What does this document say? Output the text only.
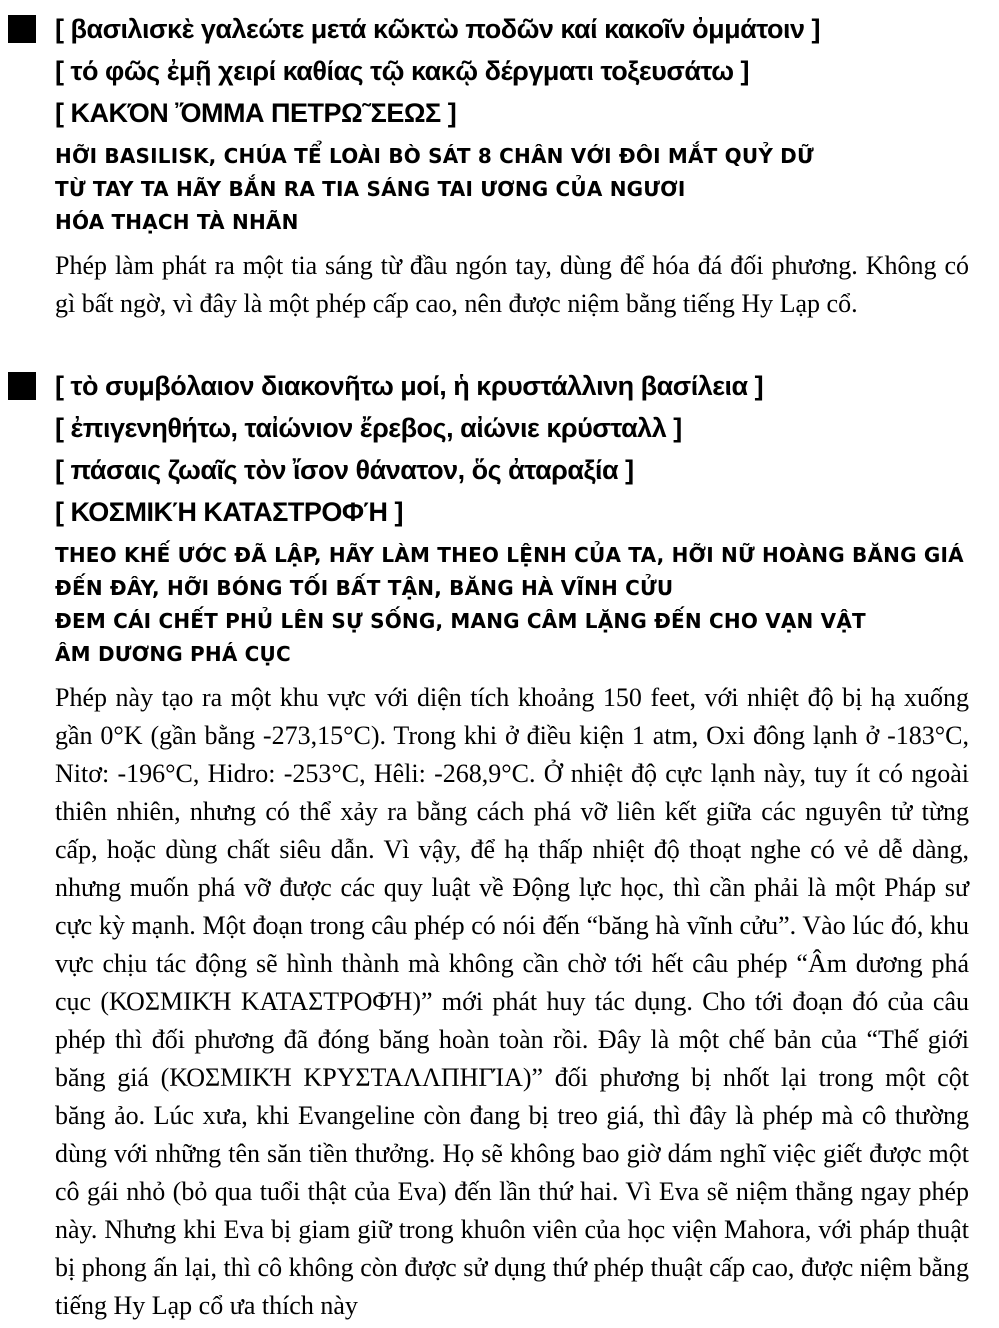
[ βασιλισκὲ γαλεώτε μετά κῶκτὼ ποδῶν καί κακοῖν ὀμμάτοιν ]
[ τό φῶς ἐμῇ χειρί καθίας τῷ κακῷ δέργματι τοξευσάτω ]
[ ΚΑΚΌΝ ὌΜΜΑ ΠΕΤΡΩ῀ΣΕΩΣ ]
HỠI BASILISK, CHÚA TỂ LOÀI BÒ SÁT 8 CHÂN VỚI ĐÔI MẮT QUỶ DỮ
TỪ TAY TA HÃY BẮN RA TIA SÁNG TAI ƯƠNG CỦA NGƯƠI
HÓA THẠCH TÀ NHÃN

Phép làm phát ra một tia sáng từ đầu ngón tay, dùng để hóa đá đối phương. Không có gì bất ngờ, vì đây là một phép cấp cao, nên được niệm bằng tiếng Hy Lạp cổ.

[ τὸ συμβόλαιον διακονῆτω μοί, ἡ κρυστάλλινη βασίλεια ]
[ ἐπιγενηθήτω, ταἰώνιον ἔρεβος, αἰώνιε κρύσταλλ ]
[ πάσαις ζωαῖς τὸν ἴσον θάνατον, ὅς ἀταραξία ]
[ ΚΟΣΜΙΚΉ ΚΑΤΑΣΤΡΟΦΉ ]
THEO KHẾ ƯỚC ĐÃ LẬP, HÃY LÀM THEO LỆNH CỦA TA, HỠI NỮ HOÀNG BĂNG GIÁ
ĐẾN ĐÂY, HỠI BÓNG TỐI BẤT TẬN, BĂNG HÀ VĨNH CỬU
ĐEM CÁI CHẾT PHỦ LÊN SỰ SỐNG, MANG CÂM LẶNG ĐẾN CHO VẠN VẬT
ÂM DƯƠNG PHÁ CỤC

Phép này tạo ra một khu vực với diện tích khoảng 150 feet, với nhiệt độ bị hạ xuống gần 0°K (gần bằng -273,15°C). Trong khi ở điều kiện 1 atm, Oxi đông lạnh ở -183°C, Nitơ: -196°C, Hidro: -253°C, Hêli: -268,9°C. Ở nhiệt độ cực lạnh này, tuy ít có ngoài thiên nhiên, nhưng có thể xảy ra bằng cách phá vỡ liên kết giữa các nguyên tử từng cấp, hoặc dùng chất siêu dẫn. Vì vậy, để hạ thấp nhiệt độ thoạt nghe có vẻ dễ dàng, nhưng muốn phá vỡ được các quy luật về Động lực học, thì cần phải là một Pháp sư cực kỳ mạnh. Một đoạn trong câu phép có nói đến “băng hà vĩnh cửu”. Vào lúc đó, khu vực chịu tác động sẽ hình thành mà không cần chờ tới hết câu phép “Âm dương phá cục (ΚΟΣΜΙΚΉ ΚΑΤΑΣΤΡΟΦΉ)” mới phát huy tác dụng. Cho tới đoạn đó của câu phép thì đối phương đã đóng băng hoàn toàn rồi. Đây là một chế bản của “Thế giới băng giá (ΚΟΣΜΙΚΉ ΚΡΥΣΤΑΛΛΠΗΓΊΑ)” đối phương bị nhốt lại trong một cột băng ảo. Lúc xưa, khi Evangeline còn đang bị treo giá, thì đây là phép mà cô thường dùng với những tên săn tiền thưởng. Họ sẽ không bao giờ dám nghĩ việc giết được một cô gái nhỏ (bỏ qua tuổi thật của Eva) đến lần thứ hai. Vì Eva sẽ niệm thẳng ngay phép này. Nhưng khi Eva bị giam giữ trong khuôn viên của học viện Mahora, với pháp thuật bị phong ấn lại, thì cô không còn được sử dụng thứ phép thuật cấp cao, được niệm bằng tiếng Hy Lạp cổ ưa thích này
